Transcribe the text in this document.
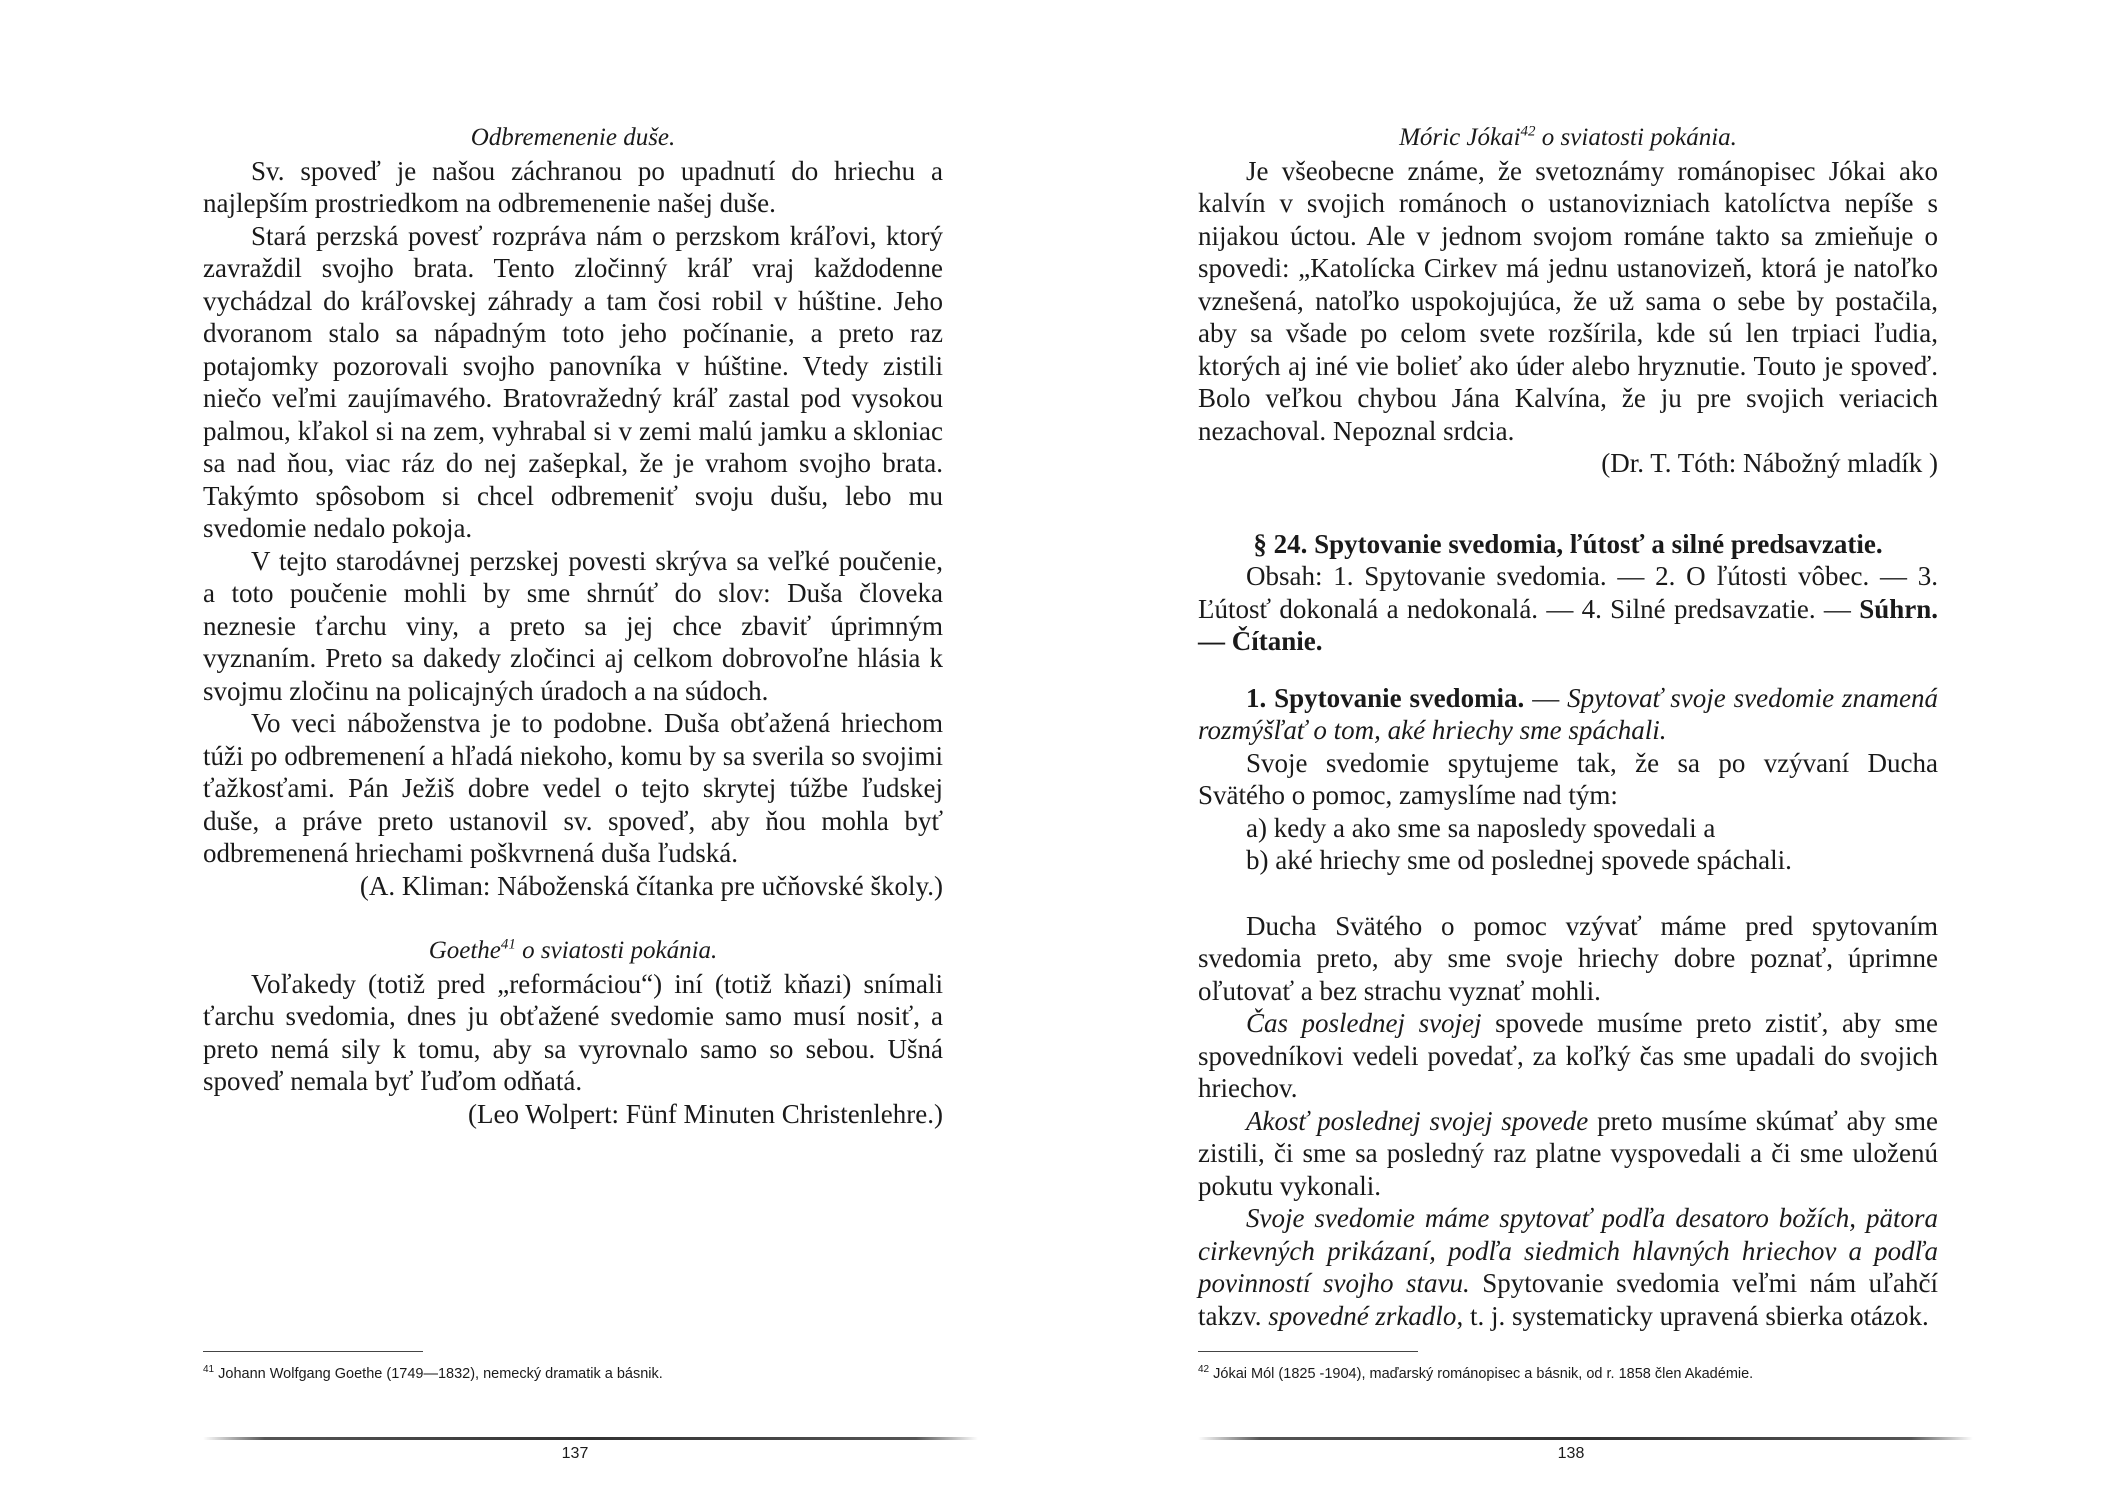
Odbremenenie duše.

Sv. spoveď je našou záchranou po upadnutí do hriechu a najlepším prostriedkom na odbremenenie našej duše.

Stará perzská povesť rozpráva nám o perzskom kráľovi, ktorý zavraždil svojho brata. Tento zločinný kráľ vraj každodenne vychádzal do kráľovskej záhrady a tam čosi robil v húštine. Jeho dvoranom stalo sa nápadným toto jeho počínanie, a preto raz potajomky pozorovali svojho panovníka v húštine. Vtedy zistili niečo veľmi zaujímavého. Bratovražedný kráľ zastal pod vysokou palmou, kľakol si na zem, vyhrabal si v zemi malú jamku a skloniac sa nad ňou, viac ráz do nej zašepkal, že je vrahom svojho brata. Takýmto spôsobom si chcel odbremeniť svoju dušu, lebo mu svedomie nedalo pokoja.

V tejto starodávnej perzskej povesti skrýva sa veľké poučenie, a toto poučenie mohli by sme shrnúť do slov: Duša človeka neznesie ťarchu viny, a preto sa jej chce zbaviť úprimným vyznaním. Preto sa dakedy zločinci aj celkom dobrovoľne hlásia k svojmu zločinu na policajných úradoch a na súdoch.

Vo veci náboženstva je to podobne. Duša obťažená hriechom túži po odbremenení a hľadá niekoho, komu by sa sverila so svojimi ťažkosťami. Pán Ježiš dobre vedel o tejto skrytej túžbe ľudskej duše, a práve preto ustanovil sv. spoveď, aby ňou mohla byť odbremenená hriechami poškvrnená duša ľudská.

(A. Kliman: Náboženská čítanka pre učňovské školy.)

Goethe$^{41}$ o sviatosti pokánia.

Voľakedy (totiž pred „reformáciou“) iní (totiž kňazi) snímali ťarchu svedomia, dnes ju obťažené svedomie samo musí nosiť, a preto nemá sily k tomu, aby sa vyrovnalo samo so sebou. Ušná spoveď nemala byť ľuďom odňatá.

(Leo Wolpert: Fünf Minuten Christenlehre.)

$^{41}$ Johann Wolfgang Goethe (1749—1832), nemecký dramatik a básnik.
137

Móric Jókai$^{42}$ o sviatosti pokánia.

Je všeobecne známe, že svetoznámy románopisec Jókai ako kalvín v svojich románoch o ustanovizniach katolíctva nepíše s nijakou úctou. Ale v jednom svojom románe takto sa zmieňuje o spovedi: „Katolícka Cirkev má jednu ustanovizeň, ktorá je natoľko vznešená, natoľko uspokojujúca, že už sama o sebe by postačila, aby sa všade po celom svete rozšírila, kde sú len trpiaci ľudia, ktorých aj iné vie bolieť ako úder alebo hryznutie. Touto je spoveď. Bolo veľkou chybou Jána Kalvína, že ju pre svojich veriacich nezachoval. Nepoznal srdcia.

(Dr. T. Tóth: Nábožný mladík )

§ 24. Spytovanie svedomia, ľútosť a silné predsavzatie.

Obsah: 1. Spytovanie svedomia. — 2. O ľútosti vôbec. — 3. Ľútosť dokonalá a nedokonalá. — 4. Silné predsavzatie. — Súhrn. — Čítanie.

1. Spytovanie svedomia. — Spytovať svoje svedomie znamená rozmýšľať o tom, aké hriechy sme spáchali.

Svoje svedomie spytujeme tak, že sa po vzývaní Ducha Svätého o pomoc, zamyslíme nad tým:

a) kedy a ako sme sa naposledy spovedali a

b) aké hriechy sme od poslednej spovede spáchali.

Ducha Svätého o pomoc vzývať máme pred spytovaním svedomia preto, aby sme svoje hriechy dobre poznať, úprimne oľutovať a bez strachu vyznať mohli.

Čas poslednej svojej spovede musíme preto zistiť, aby sme spovedníkovi vedeli povedať, za koľký čas sme upadali do svojich hriechov.

Akosť poslednej svojej spovede preto musíme skúmať aby sme zistili, či sme sa posledný raz platne vyspovedali a či sme uloženú pokutu vykonali.

Svoje svedomie máme spytovať podľa desatoro božích, pätora cirkevných prikázaní, podľa siedmich hlavných hriechov a podľa povinností svojho stavu. Spytovanie svedomia veľmi nám uľahčí takzv. spovedné zrkadlo, t. j. systematicky upravená sbierka otázok.

$^{42}$ Jókai Mól (1825 -1904), maďarský románopisec a básnik, od r. 1858 člen Akadémie.
138
